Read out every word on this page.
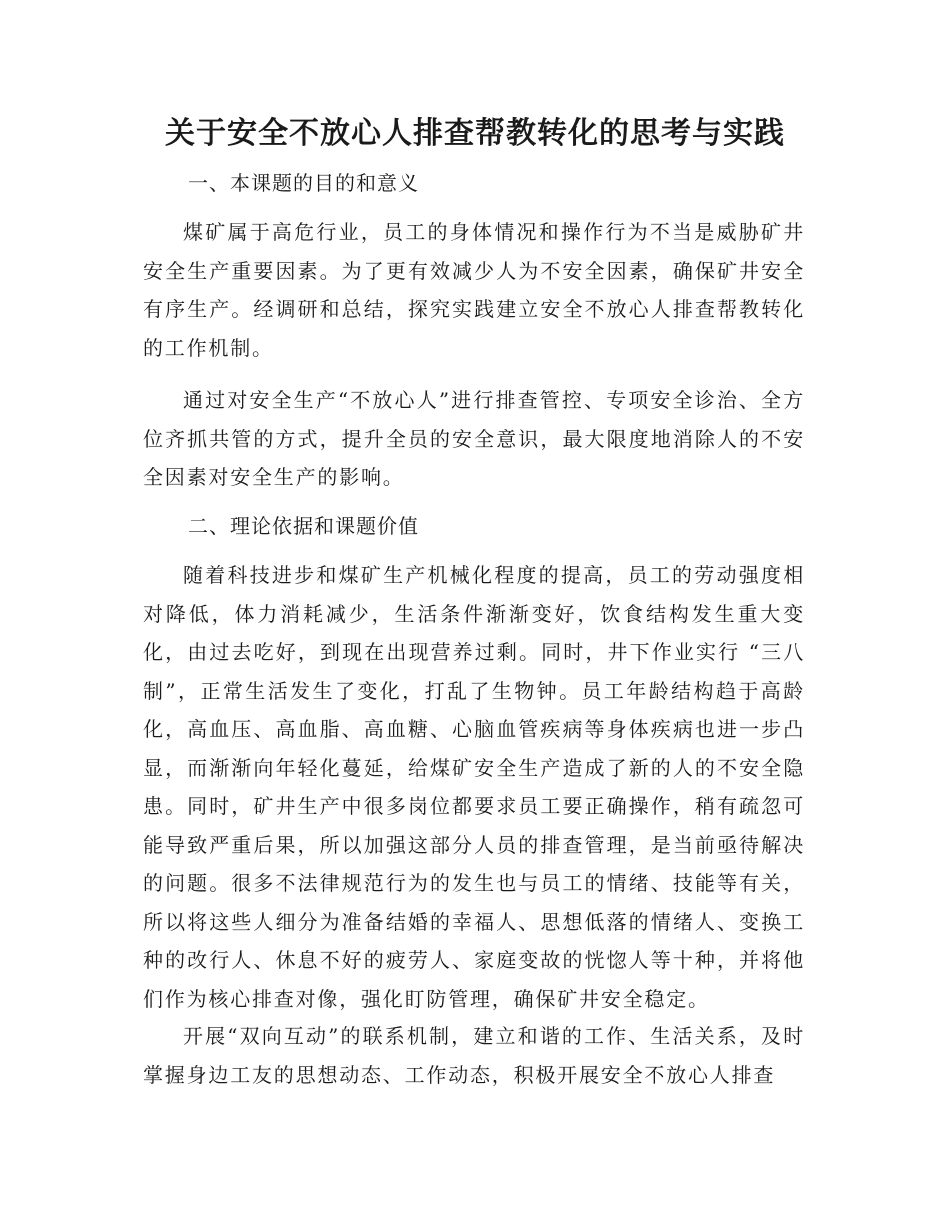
关于安全不放心人排查帮教转化的思考与实践
一、本课题的目的和意义

煤矿属于高危行业，员工的身体情况和操作行为不当是威胁矿井安全生产重要因素。为了更有效减少人为不安全因素，确保矿井安全有序生产。经调研和总结，探究实践建立安全不放心人排查帮教转化的工作机制。

通过对安全生产“不放心人”进行排查管控、专项安全诊治、全方位齐抓共管的方式，提升全员的安全意识，最大限度地消除人的不安全因素对安全生产的影响。

二、理论依据和课题价值

随着科技进步和煤矿生产机械化程度的提高，员工的劳动强度相对降低，体力消耗减少，生活条件渐渐变好，饮食结构发生重大变化，由过去吃好，到现在出现营养过剩。同时，井下作业实行 “三八制”，正常生活发生了变化，打乱了生物钟。员工年龄结构趋于高龄化，高血压、高血脂、高血糖、心脑血管疾病等身体疾病也进一步凸显，而渐渐向年轻化蔓延，给煤矿安全生产造成了新的人的不安全隐患。同时，矿井生产中很多岗位都要求员工要正确操作，稍有疏忽可能导致严重后果，所以加强这部分人员的排查管理，是当前亟待解决的问题。很多不法律规范行为的发生也与员工的情绪、技能等有关，所以将这些人细分为准备结婚的幸福人、思想低落的情绪人、变换工种的改行人、休息不好的疲劳人、家庭变故的恍惚人等十种，并将他们作为核心排查对像，强化盯防管理，确保矿井安全稳定。

开展“双向互动”的联系机制，建立和谐的工作、生活关系，及时掌握身边工友的思想动态、工作动态，积极开展安全不放心人排查
